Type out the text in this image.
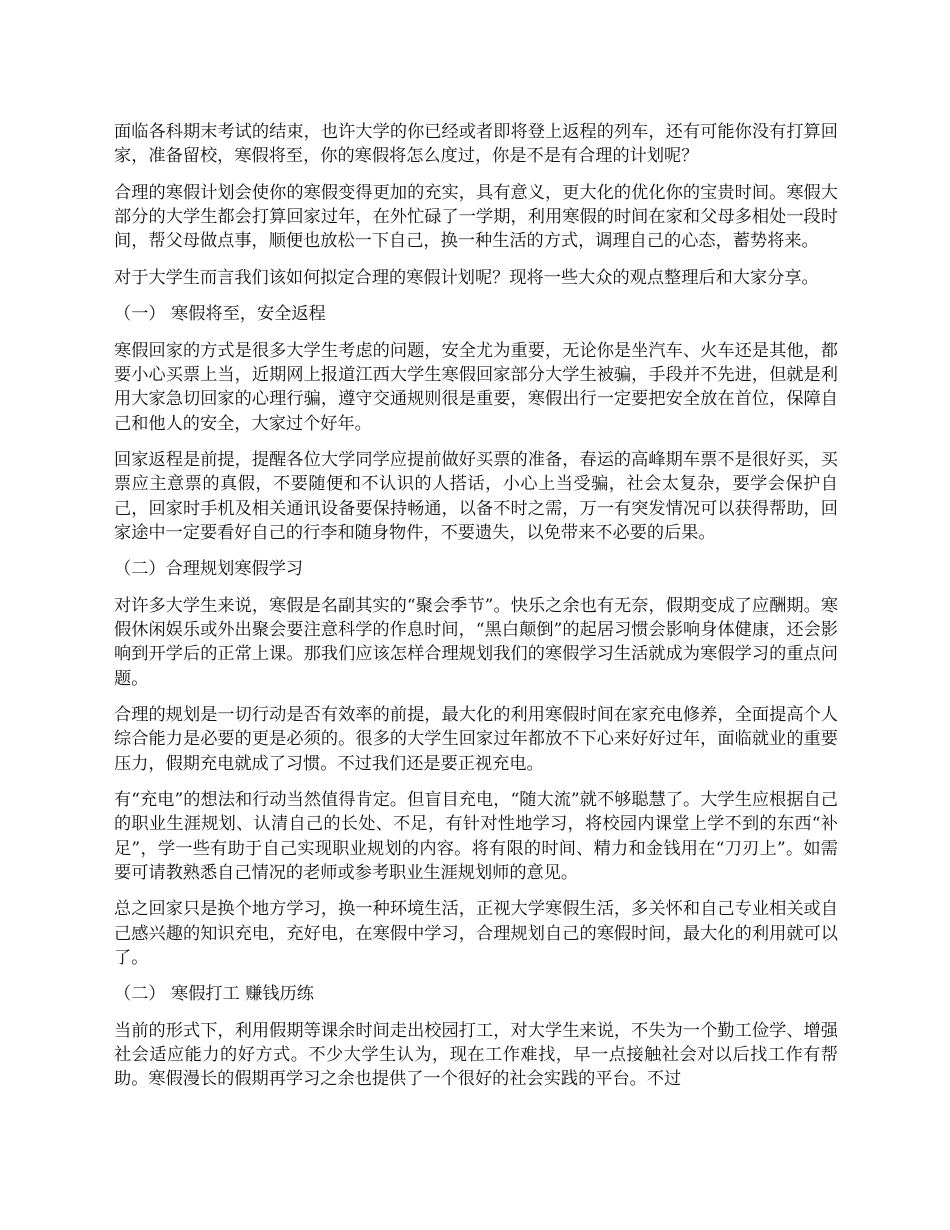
面临各科期末考试的结束，也许大学的你已经或者即将登上返程的列车，还有可能你没有打算回家，准备留校，寒假将至，你的寒假将怎么度过，你是不是有合理的计划呢？

合理的寒假计划会使你的寒假变得更加的充实，具有意义，更大化的优化你的宝贵时间。寒假大部分的大学生都会打算回家过年，在外忙碌了一学期，利用寒假的时间在家和父母多相处一段时间，帮父母做点事，顺便也放松一下自己，换一种生活的方式，调理自己的心态，蓄势将来。

对于大学生而言我们该如何拟定合理的寒假计划呢？现将一些大众的观点整理后和大家分享。

（一） 寒假将至，安全返程

寒假回家的方式是很多大学生考虑的问题，安全尤为重要，无论你是坐汽车、火车还是其他，都要小心买票上当，近期网上报道江西大学生寒假回家部分大学生被骗，手段并不先进，但就是利用大家急切回家的心理行骗，遵守交通规则很是重要，寒假出行一定要把安全放在首位，保障自己和他人的安全，大家过个好年。

回家返程是前提，提醒各位大学同学应提前做好买票的准备，春运的高峰期车票不是很好买，买票应主意票的真假，不要随便和不认识的人搭话，小心上当受骗，社会太复杂，要学会保护自己，回家时手机及相关通讯设备要保持畅通，以备不时之需，万一有突发情况可以获得帮助，回家途中一定要看好自己的行李和随身物件，不要遗失，以免带来不必要的后果。

（二）合理规划寒假学习

对许多大学生来说，寒假是名副其实的“聚会季节”。快乐之余也有无奈，假期变成了应酬期。寒假休闲娱乐或外出聚会要注意科学的作息时间，“黑白颠倒”的起居习惯会影响身体健康，还会影响到开学后的正常上课。那我们应该怎样合理规划我们的寒假学习生活就成为寒假学习的重点问题。

合理的规划是一切行动是否有效率的前提，最大化的利用寒假时间在家充电修养，全面提高个人综合能力是必要的更是必须的。很多的大学生回家过年都放不下心来好好过年，面临就业的重要压力，假期充电就成了习惯。不过我们还是要正视充电。

有“充电”的想法和行动当然值得肯定。但盲目充电，“随大流”就不够聪慧了。大学生应根据自己的职业生涯规划、认清自己的长处、不足，有针对性地学习，将校园内课堂上学不到的东西“补足”，学一些有助于自己实现职业规划的内容。将有限的时间、精力和金钱用在“刀刃上”。如需要可请教熟悉自己情况的老师或参考职业生涯规划师的意见。

总之回家只是换个地方学习，换一种环境生活，正视大学寒假生活，多关怀和自己专业相关或自己感兴趣的知识充电，充好电，在寒假中学习，合理规划自己的寒假时间，最大化的利用就可以了。

（二） 寒假打工 赚钱历练

当前的形式下，利用假期等课余时间走出校园打工，对大学生来说，不失为一个勤工俭学、增强社会适应能力的好方式。不少大学生认为，现在工作难找，早一点接触社会对以后找工作有帮助。寒假漫长的假期再学习之余也提供了一个很好的社会实践的平台。不过
